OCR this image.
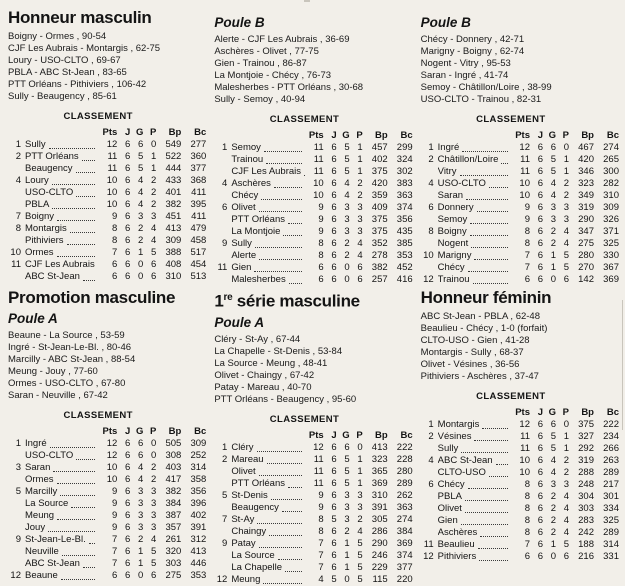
Honneur masculin
Boigny - Ormes , 90-54
CJF Les Aubrais - Montargis , 62-75
Loury - USO-CLTO , 69-67
PBLA - ABC St-Jean , 83-65
PTT Orléans - Pithiviers , 106-42
Sully - Beaugency , 85-61
CLASSEMENT
Pts J G P	Bp	Bc
1 Sully	12 6 6 0 549 277
2 PTT Orléans	11 6 5 1 522 360
Beaugency	11 6 5 1 444 377
4 Loury	10 6 4 2 433 368
USO-CLTO	10 6 4 2 401	411
PBLA	10 6 4 2 382 395
7 Boigny	9 6 3 3 451	411
8 Montargis	8 6 2 4 413 479
Pithiviers	8 6 2 4 309 458
10 Ormes	7 6 1 5 388 517
11 CJF Les Aubrais	6 6 0 6 408 454
ABC St-Jean	6 6 0 6 310 513
Poule B
Alerte - CJF Les Aubrais , 36-69
Aschères - Olivet , 77-75
Gien - Trainou , 86-87
La Montjoie - Chécy , 76-73
Malesherbes - PTT Orléans , 30-68
Sully - Semoy , 40-94
CLASSEMENT
Pts J G P	Bp	Bc
1 Semoy	11 6 5 1 457 299
Trainou	11 6 5 1 402 324
CJF Les Aubrais	11 6 5 1 375 302
4 Aschères	10 6 4 2 420 383
Chécy	10 6 4 2 359 363
6 Olivet	9 6 3 3 409 374
PTT Orléans	9 6 3 3 375 356
La Montjoie	9 6 3 3 375 435
9 Sully	8 6 2 4 352 385
Alerte	8 6 2 4 278 353
11 Gien	6 6 0 6 382 452
Malesherbes	6 6 0 6 257 416
Poule B
Chécy - Donnery , 42-71
Marigny - Boigny , 62-74
Nogent - Vitry , 95-53
Saran - Ingré , 41-74
Semoy - Châtillon/Loire , 38-99
USO-CLTO - Trainou , 82-31
CLASSEMENT
Pts J G P	Bp	Bc
1 Ingré	12 6 6 0 467 274
2 Châtillon/Loire	11 6 5 1 420 265
Vitry	11 6 5 1 346 300
4 USO-CLTO	10 6 4 2 323 282
Saran	10 6 4 2 349 310
6 Donnery	9 6 3 3 319 309
Semoy	9 6 3 3 290 326
8 Boigny	8 6 2 4 347 371
Nogent	8 6 2 4 275 325
10 Marigny	7 6 1 5 280 330
Chécy	7 6 1 5 270 367
12 Trainou	6 6 0 6 142 369
Promotion masculine
Poule A
Beaune - La Source , 53-59
Ingré - St-Jean-Le-Bl. , 80-46
Marcilly - ABC St-Jean , 88-54
Meung - Jouy , 77-60
Ormes - USO-CLTO , 67-80
Saran - Neuville , 67-42
CLASSEMENT
Pts J G P	Bp	Bc
1 Ingré	12 6 6 0 505 309
USO-CLTO	12 6 6 0 308 252
3 Saran	10 6 4 2 403 314
Ormes	10 6 4 2 417 358
5 Marcilly	9 6 3 3 382 356
La Source	9 6 3 3 384 396
Meung	9 6 3 3 387 402
Jouy	9 6 3 3 357 391
9 St-Jean-Le-Bl.	7 6 2 4 261 312
Neuville	7 6 1 5 320 413
ABC St-Jean	7 6 1 5 303 446
12 Beaune	6 6 0 6 275 353
1re série masculine
Poule A
Cléry - St-Ay , 67-44
La Chapelle - St-Denis , 53-84
La Source - Meung , 48-41
Olivet - Chaingy , 67-42
Patay - Mareau , 40-70
PTT Orléans - Beaugency , 95-60
CLASSEMENT
Pts J G P	Bp	Bc
1 Cléry	12 6 6 0 413 222
2 Mareau	11 6 5 1 323 228
Olivet	11 6 5 1 365 280
PTT Orléans	11 6 5 1 369 289
5 St-Denis	9 6 3 3 310 262
Beaugency	9 6 3 3 391 363
7 St-Ay	8 5 3 2 305 274
Chaingy	8 6 2 4 286 384
9 Patay	7 6 1 5 290 369
La Source	7 6 1 5 246 374
La Chapelle	7 6 1 5 229 377
12 Meung	4 5 0 5	115 220
Honneur féminin
ABC St-Jean - PBLA , 62-48
Beaulieu - Chécy , 1-0 (forfait)
CLTO-USO - Gien , 41-28
Montargis - Sully , 68-37
Olivet - Vésines , 36-56
Pithiviers - Aschères , 37-47
CLASSEMENT
Pts J G P	Bp	Bc
1 Montargis	12 6 6 0 375 222
2 Vésines	11 6 5 1 327 234
Sully	11 6 5 1 292 266
4 ABC St-Jean	10 6 4 2 319 263
CLTO-USO	10 6 4 2 288 289
6 Chécy	8 6 3 3 248 217
PBLA	8 6 2 4 304 301
Olivet	8 6 2 4 303 334
Gien	8 6 2 4 283 325
Aschères	8 6 2 4 242 289
11 Beaulieu	7 6 1 5 188 314
12 Pithiviers	6 6 0 6 216 331
